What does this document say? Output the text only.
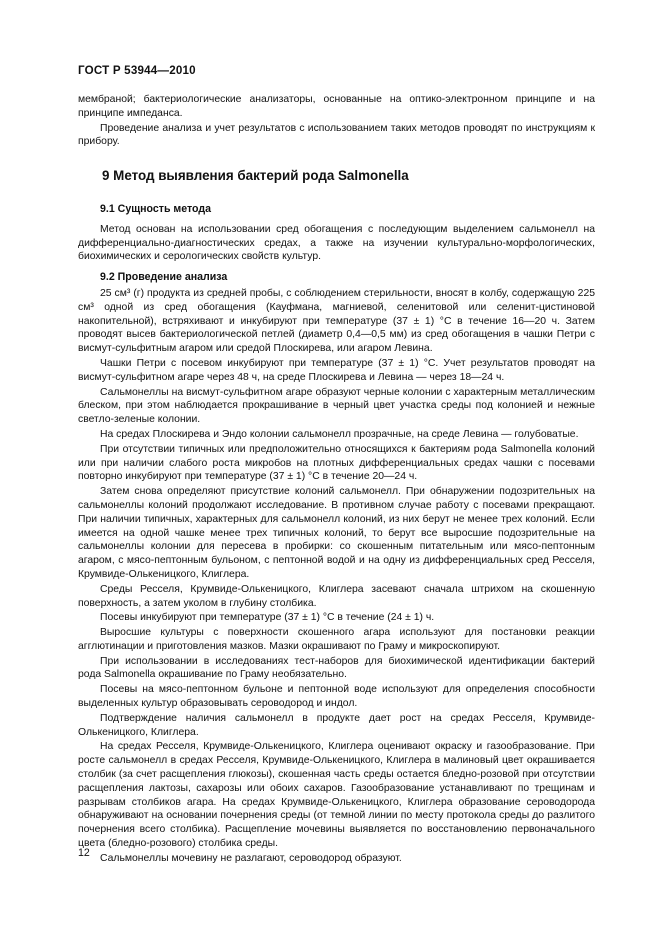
ГОСТ Р 53944—2010

мембраной; бактериологические анализаторы, основанные на оптико-электронном принципе и на принципе импеданса.

Проведение анализа и учет результатов с использованием таких методов проводят по инструкциям к прибору.

9 Метод выявления бактерий рода Salmonella
9.1 Сущность метода

Метод основан на использовании сред обогащения с последующим выделением сальмонелл на дифференциально-диагностических средах, а также на изучении культурально-морфологических, биохимических и серологических свойств культур.

9.2 Проведение анализа

25 см³ (г) продукта из средней пробы, с соблюдением стерильности, вносят в колбу, содержащую 225 см³ одной из сред обогащения (Кауфмана, магниевой, селенитовой или селенит-цистиновой накопительной), встряхивают и инкубируют при температуре (37 ± 1) °С в течение 16—20 ч. Затем проводят высев бактериологической петлей (диаметр 0,4—0,5 мм) из сред обогащения в чашки Петри с висмут-сульфитным агаром или средой Плоскирева, или агаром Левина.

Чашки Петри с посевом инкубируют при температуре (37 ± 1) °С. Учет результатов проводят на висмут-сульфитном агаре через 48 ч, на среде Плоскирева и Левина — через 18—24 ч.

Сальмонеллы на висмут-сульфитном агаре образуют черные колонии с характерным металлическим блеском, при этом наблюдается прокрашивание в черный цвет участка среды под колонией и нежные светло-зеленые колонии.

На средах Плоскирева и Эндо колонии сальмонелл прозрачные, на среде Левина — голубоватые.

При отсутствии типичных или предположительно относящихся к бактериям рода Salmonella колоний или при наличии слабого роста микробов на плотных дифференциальных средах чашки с посевами повторно инкубируют при температуре (37 ± 1) °С в течение 20—24 ч.

Затем снова определяют присутствие колоний сальмонелл. При обнаружении подозрительных на сальмонеллы колоний продолжают исследование. В противном случае работу с посевами прекращают. При наличии типичных, характерных для сальмонелл колоний, из них берут не менее трех колоний. Если имеется на одной чашке менее трех типичных колоний, то берут все выросшие подозрительные на сальмонеллы колонии для пересева в пробирки: со скошенным питательным или мясо-пептонным агаром, с мясо-пептонным бульоном, с пептонной водой и на одну из дифференциальных сред Ресселя, Крумвиде-Олькеницкого, Клиглера.

Среды Ресселя, Крумвиде-Олькеницкого, Клиглера засевают сначала штрихом на скошенную поверхность, а затем уколом в глубину столбика.

Посевы инкубируют при температуре (37 ± 1) °С в течение (24 ± 1) ч.

Выросшие культуры с поверхности скошенного агара используют для постановки реакции агглютинации и приготовления мазков. Мазки окрашивают по Граму и микроскопируют.

При использовании в исследованиях тест-наборов для биохимической идентификации бактерий рода Salmonella окрашивание по Граму необязательно.

Посевы на мясо-пептонном бульоне и пептонной воде используют для определения способности выделенных культур образовывать сероводород и индол.

Подтверждение наличия сальмонелл в продукте дает рост на средах Ресселя, Крумвиде-Олькеницкого, Клиглера.

На средах Ресселя, Крумвиде-Олькеницкого, Клиглера оценивают окраску и газообразование. При росте сальмонелл в средах Ресселя, Крумвиде-Олькеницкого, Клиглера в малиновый цвет окрашивается столбик (за счет расщепления глюкозы), скошенная часть среды остается бледно-розовой при отсутствии расщепления лактозы, сахарозы или обоих сахаров. Газообразование устанавливают по трещинам и разрывам столбиков агара. На средах Крумвиде-Олькеницкого, Клиглера образование сероводорода обнаруживают на основании почернения среды (от темной линии по месту протокола среды до разлитого почернения всего столбика). Расщепление мочевины выявляется по восстановлению первоначального цвета (бледно-розового) столбика среды.

Сальмонеллы мочевину не разлагают, сероводород образуют.

12
